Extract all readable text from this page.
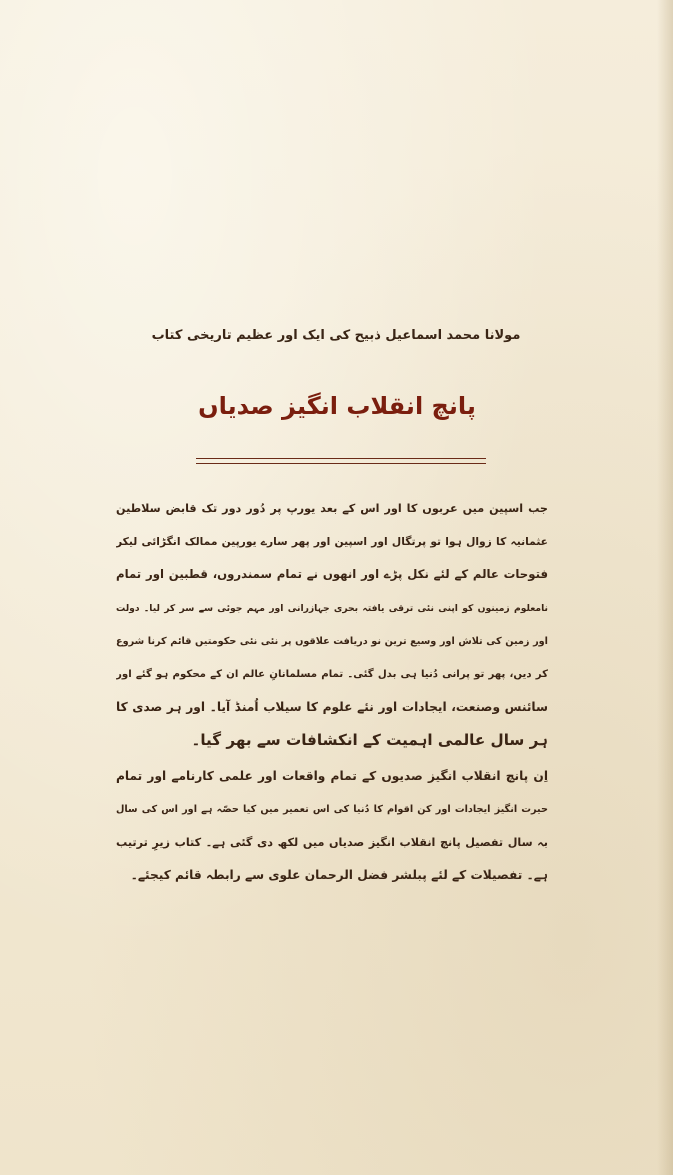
مولانا محمد اسماعیل ذبیح کی ایک اور عظیم تاریخی کتاب
پانچ انقلاب انگیز صدیاں
جب اسپین میں عربوں کا اور اس کے بعد یورپ پر دُور دور تک قابض سلاطین
عثمانیہ کا زوال ہوا تو پرتگال اور اسپین اور پھر سارے یورپین ممالک انگڑائی لیکر
فتوحات عالم کے لئے نکل پڑے اور انھوں نے تمام سمندروں، قطبین اور تمام
نامعلوم زمینوں کو اپنی نئی ترقی یافتہ بحری جہازرانی اور مہم جوئی سے سر کر لیا۔ دولت
اور زمین کی تلاش اور وسیع ترین نو دریافت علاقوں پر نئی نئی حکومتیں قائم کرنا شروع
کر دیں، پھر تو پرانی دُنیا ہی بدل گئی۔ تمام مسلمانانِ عالم ان کے محکوم ہو گئے اور
سائنس وصنعت، ایجادات اور نئے علوم کا سیلاب اُمنڈ آیا۔ اور ہر صدی کا
ہر سال عالمی اہمیت کے انکشافات سے بھر گیا۔
اِن پانچ انقلاب انگیز صدیوں کے تمام واقعات اور علمی کارنامے اور تمام
حیرت انگیز ایجادات اور کن اقوام کا دُنیا کی اس تعمیر میں کیا حصّہ ہے اور اس کی سال
بہ سال تفصیل پانچ انقلاب انگیز صدیاں میں لکھ دی گئی ہے۔ کتاب زیرِ ترتیب
ہے۔ تفصیلات کے لئے پبلشر فضل الرحمان علوی سے رابطہ قائم کیجئے۔
